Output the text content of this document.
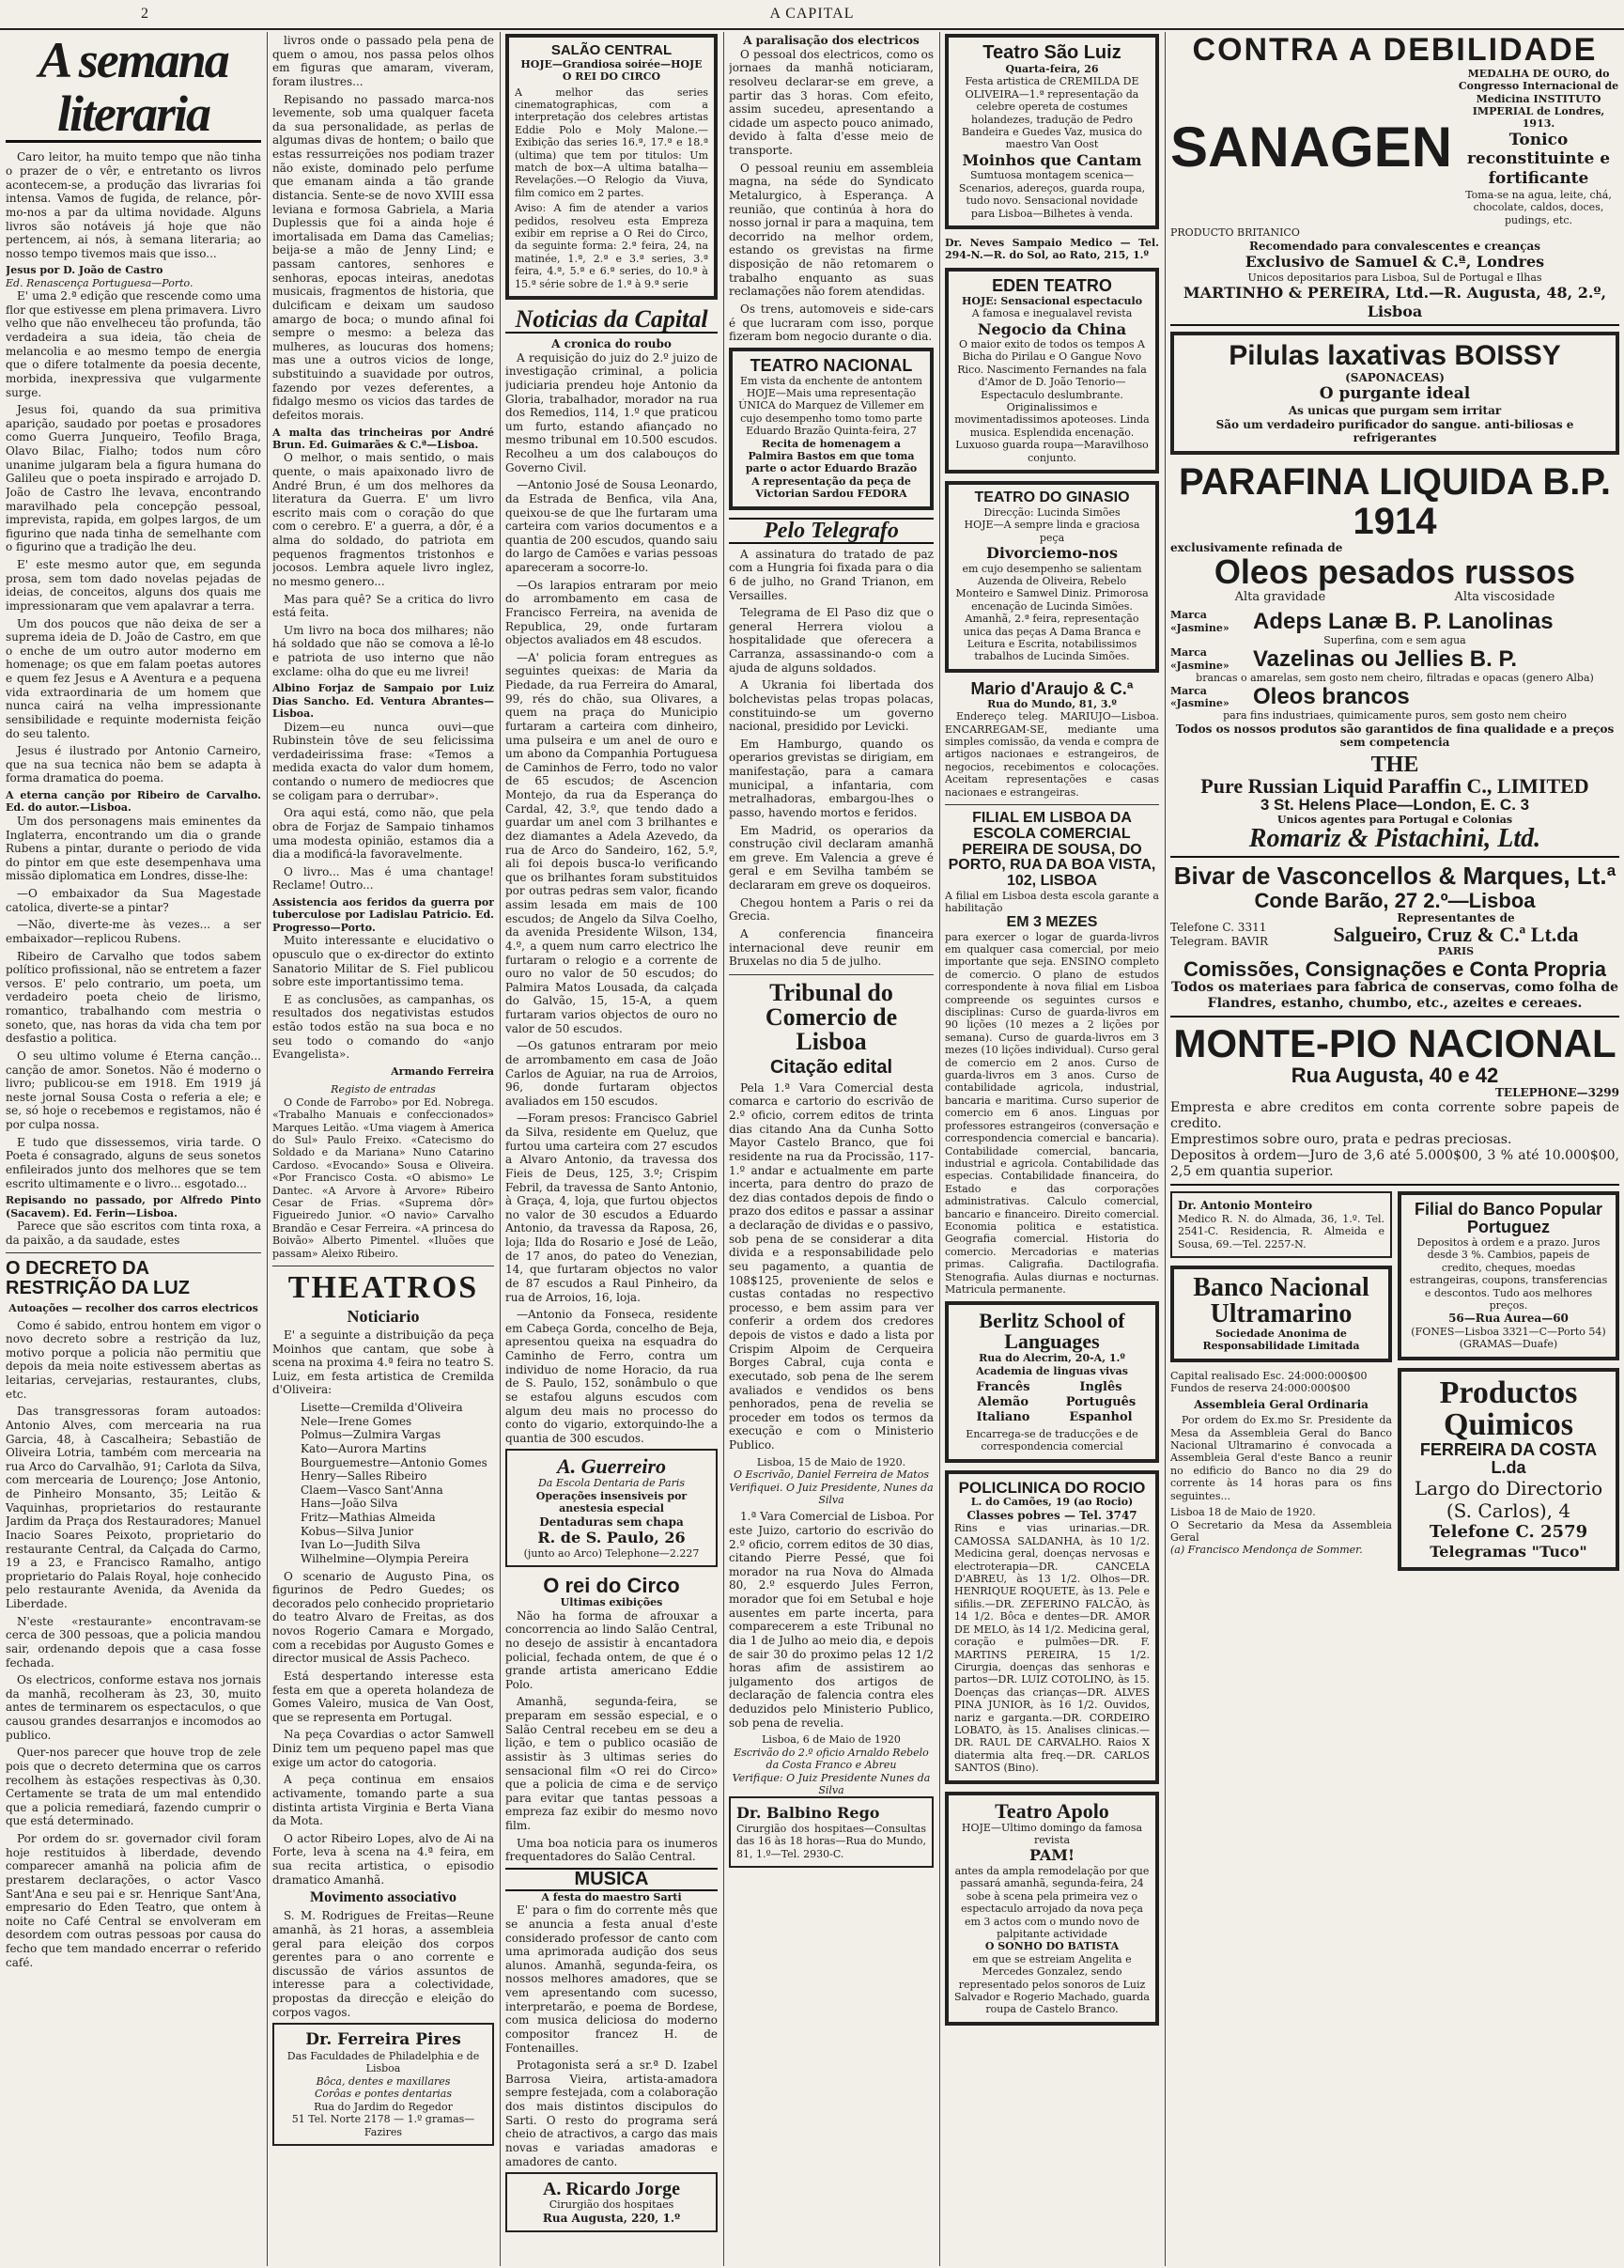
2	A CAPITAL
A semana literaria

Caro leitor, ha muito tempo que não tinha o prazer de o vêr, e entretanto os livros acontecem-se, a produção das livrarias foi intensa. Vamos de fugida, de relance, pôr-mo-nos a par da ultima novidade. Alguns livros são notáveis já hoje que não pertencem, ai nós, à semana literaria; ao nosso tempo tivemos mais que isso...

Jesus por D. João de Castro

Ed. Renascença Portuguesa—Porto.

E' uma 2.ª edição que rescende como uma flor que estivesse em plena primavera. Livro velho que não envelheceu tão profunda, tão verdadeira a sua ideia, tão cheia de melancolia e ao mesmo tempo de energia que o difere totalmente da poesia decente, morbida, inexpressiva que vulgarmente surge.

Jesus foi, quando da sua primitiva aparição, saudado por poetas e prosadores como Guerra Junqueiro, Teofilo Braga, Olavo Bilac, Fialho; todos num côro unanime julgaram bela a figura humana do Galileu que o poeta inspirado e arrojado D. João de Castro lhe levava, encontrando maravilhado pela concepção pessoal, imprevista, rapida, em golpes largos, de um figurino que nada tinha de semelhante com o figurino que a tradição lhe deu.

E' este mesmo autor que, em segunda prosa, sem tom dado novelas pejadas de ideias, de conceitos, alguns dos quais me impressionaram que vem apalavrar a terra.

Um dos poucos que não deixa de ser a suprema ideia de D. João de Castro, em que o enche de um outro autor moderno em homenage; os que em falam poetas autores e quem fez Jesus e A Aventura e a pequena vida extraordinaria de um homem que nunca cairá na velha impressionante sensibilidade e requinte modernista feição do seu talento.

Jesus é ilustrado por Antonio Carneiro, que na sua tecnica não bem se adapta à forma dramatica do poema.

A eterna canção por Ribeiro de Carvalho. Ed. do autor.—Lisboa.

Um dos personagens mais eminentes da Inglaterra, encontrando um dia o grande Rubens a pintar, durante o periodo de vida do pintor em que este desempenhava uma missão diplomatica em Londres, disse-lhe:

—O embaixador da Sua Magestade catolica, diverte-se a pintar?

—Não, diverte-me às vezes... a ser embaixador—replicou Rubens.

Ribeiro de Carvalho que todos sabem político profissional, não se entretem a fazer versos. E' pelo contrario, um poeta, um verdadeiro poeta cheio de lirismo, romantico, trabalhando com mestria o soneto, que, nas horas da vida cha tem por desfastio a politica.

O seu ultimo volume é Eterna canção... canção de amor. Sonetos. Não é moderno o livro; publicou-se em 1918. Em 1919 já neste jornal Sousa Costa o referia a ele; e se, só hoje o recebemos e registamos, não é por culpa nossa.

E tudo que dissessemos, viria tarde. O Poeta é consagrado, alguns de seus sonetos enfileirados junto dos melhores que se tem escrito ultimamente e o livro... esgotado...

Repisando no passado, por Alfredo Pinto (Sacavem). Ed. Ferin—Lisboa.

Parece que são escritos com tinta roxa, a da paixão, a da saudade, estes

O DECRETO DA RESTRIÇÃO DA LUZ

Autoações — recolher dos carros electricos

Como é sabido, entrou hontem em vigor o novo decreto sobre a restrição da luz, motivo porque a policia não permitiu que depois da meia noite estivessem abertas as leitarias, cervejarias, restaurantes, clubs, etc.

Das transgressoras foram autoados: Antonio Alves, com mercearia na rua Garcia, 48, à Cascalheira; Sebastião de Oliveira Lotria, também com mercearia na rua Arco do Carvalhão, 91; Carlota da Silva, com mercearia de Lourenço; Jose Antonio, de Pinheiro Monsanto, 35; Leitão & Vaquinhas, proprietarios do restaurante Jardim da Praça dos Restauradores; Manuel Inacio Soares Peixoto, proprietario do restaurante Central, da Calçada do Carmo, 19 a 23, e Francisco Ramalho, antigo proprietario do Palais Royal, hoje conhecido pelo restaurante Avenida, da Avenida da Liberdade.

N'este «restaurante» encontravam-se cerca de 300 pessoas, que a policia mandou sair, ordenando depois que a casa fosse fechada.

Os electricos, conforme estava nos jornais da manhã, recolheram às 23, 30, muito antes de terminarem os espectaculos, o que causou grandes desarranjos e incomodos ao publico.

Quer-nos parecer que houve trop de zele pois que o decreto determina que os carros recolhem às estações respectivas às 0,30. Certamente se trata de um mal entendido que a policia remediará, fazendo cumprir o que está determinado.

Por ordem do sr. governador civil foram hoje restituidos à liberdade, devendo comparecer amanhã na policia afim de prestarem declarações, o actor Vasco Sant'Ana e seu pai e sr. Henrique Sant'Ana, empresario do Eden Teatro, que ontem à noite no Café Central se envolveram em desordem com outras pessoas por causa do fecho que tem mandado encerrar o referido café.

livros onde o passado pela pena de quem o amou, nos passa pelos olhos em figuras que amaram, viveram, foram ilustres...

Repisando no passado marca-nos levemente, sob uma qualquer faceta da sua personalidade, as perlas de algumas divas de hontem; o bailo que estas ressurreições nos podiam trazer não existe, dominado pelo perfume que emanam ainda a tão grande distancia. Sente-se de novo XVIII essa leviana e formosa Gabriela, a Maria Duplessis que foi a ainda hoje é imortalisada em Dama das Camelias; beija-se a mão de Jenny Lind; e passam cantores, senhores e senhoras, epocas inteiras, anedotas musicais, fragmentos de historia, que dulcificam e deixam um saudoso amargo de boca; o mundo afinal foi sempre o mesmo: a beleza das mulheres, as loucuras dos homens; mas une a outros vicios de longe, substituindo a suavidade por outros, fazendo por vezes deferentes, a fidalgo mesmo os vicios das tardes de defeitos morais.

A malta das trincheiras por André Brun. Ed. Guimarães & C.ª—Lisboa.

O melhor, o mais sentido, o mais quente, o mais apaixonado livro de André Brun, é um dos melhores da literatura da Guerra. E' um livro escrito mais com o coração do que com o cerebro. E' a guerra, a dôr, é a alma do soldado, do patriota em pequenos fragmentos tristonhos e jocosos. Lembra aquele livro inglez, no mesmo genero...

Mas para quê? Se a critica do livro está feita.

Um livro na boca dos milhares; não há soldado que não se comova a lê-lo e patriota de uso interno que não exclame: olha do que eu me livrei!

Albino Forjaz de Sampaio por Luiz Dias Sancho. Ed. Ventura Abrantes—Lisboa.

Dizem—eu nunca ouvi—que Rubinstein tôve de seu felicissima verdadeirissima frase: «Temos a medida exacta do valor dum homem, contando o numero de mediocres que se coligam para o derrubar».

Ora aqui está, como não, que pela obra de Forjaz de Sampaio tinhamos uma modesta opinião, estamos dia a dia a modificá-la favoravelmente.

O livro... Mas é uma chantage! Reclame! Outro...

Assistencia aos feridos da guerra por tuberculose por Ladislau Patricio. Ed. Progresso—Porto.

Muito interessante e elucidativo o opusculo que o ex-director do extinto Sanatorio Militar de S. Fiel publicou sobre este importantissimo tema.

E as conclusões, as campanhas, os resultados dos negativistas estudos estão todos estão na sua boca e no seu todo o comando do «anjo Evangelista».

Armando Ferreira

Registo de entradas

O Conde de Farrobo» por Ed. Nobrega. «Trabalho Manuais e confeccionados» Marques Leitão. «Uma viagem à America do Sul» Paulo Freixo. «Catecismo do Soldado e da Mariana» Nuno Catarino Cardoso. «Evocando» Sousa e Oliveira. «Por Francisco Costa. «O abismo» Le Dantec. «A Arvore à Arvore» Ribeiro Cesar de Frias. «Suprema dôr» Figueiredo Junior. «O navio» Carvalho Brandão e Cesar Ferreira. «A princesa do Boivão» Alberto Pimentel. «Iluões que passam» Aleixo Ribeiro.

THEATROS
Noticiario

E' a seguinte a distribuição da peça Moinhos que cantam, que sobe à scena na proxima 4.ª feira no teatro S. Luiz, em festa artistica de Cremilda d'Oliveira:

Lisette—Cremilda d'Oliveira
Nele—Irene Gomes
Polmus—Zulmira Vargas
Kato—Aurora Martins
Bourguemestre—Antonio Gomes
Henry—Salles Ribeiro
Claem—Vasco Sant'Anna
Hans—João Silva
Fritz—Mathias Almeida
Kobus—Silva Junior
Ivan Lo—Judith Silva
Wilhelmine—Olympia Pereira

O scenario de Augusto Pina, os figurinos de Pedro Guedes; os decorados pelo conhecido proprietario do teatro Alvaro de Freitas, as dos novos Rogerio Camara e Morgado, com a recebidas por Augusto Gomes e director musical de Assis Pacheco.

Está despertando interesse esta festa em que a opereta holandeza de Gomes Valeiro, musica de Van Oost, que se representa em Portugal.

Na peça Covardias o actor Samwell Diniz tem um pequeno papel mas que exige um actor do catogoria.

A peça continua em ensaios activamente, tomando parte a sua distinta artista Virginia e Berta Viana da Mota.

O actor Ribeiro Lopes, alvo de Ai na Forte, leva à scena na 4.ª feira, em sua recita artistica, o episodio dramatico Amanhã.

Movimento associativo

S. M. Rodrigues de Freitas—Reune amanhã, às 21 horas, a assembleia geral para eleição dos corpos gerentes para o ano corrente e discussão de vários assuntos de interesse para a colectividade, propostas da direcção e eleição do corpos vagos.

Dr. Ferreira Pires
Das Faculdades de Philadelphia e de Lisboa
Bôca, dentes e maxillares
Corôas e pontes dentarias
Rua do Jardim do Regedor
51 Tel. Norte 2178 — 1.º gramas—Fazires
SALÃO CENTRAL
HOJE—Grandiosa soirée—HOJE O REI DO CIRCO

A melhor das series cinematographicas, com a interpretação dos celebres artistas Eddie Polo e Moly Malone.—Exibição das series 16.ª, 17.ª e 18.ª (ultima) que tem por titulos: Um match de box—A ultima batalha—Revelações.—O Relogio da Viuva, film comico em 2 partes.

Aviso: A fim de atender a varios pedidos, resolveu esta Empreza exibir em reprise a O Rei do Circo, da seguinte forma: 2.ª feira, 24, na matinée, 1.ª, 2.ª e 3.ª series, 3.ª feira, 4.ª, 5.ª e 6.ª series, do 10.ª à 15.ª série sobre de 1.ª à 9.ª serie

Noticias da Capital

A cronica do roubo

A requisição do juiz do 2.º juizo de investigação criminal, a policia judiciaria prendeu hoje Antonio da Gloria, trabalhador, morador na rua dos Remedios, 114, 1.º que praticou um furto, estando afiançado no mesmo tribunal em 10.500 escudos. Recolheu a um dos calabouços do Governo Civil.

—Antonio José de Sousa Leonardo, da Estrada de Benfica, vila Ana, queixou-se de que lhe furtaram uma carteira com varios documentos e a quantia de 200 escudos, quando saiu do largo de Camões e varias pessoas apareceram a socorre-lo.

—Os larapios entraram por meio do arrombamento em casa de Francisco Ferreira, na avenida de Republica, 29, onde furtaram objectos avaliados em 48 escudos.

—A' policia foram entregues as seguintes queixas: de Maria da Piedade, da rua Ferreira do Amaral, 99, rés do chão, sua Olivares, a quem na praça do Municipio furtaram a carteira com dinheiro, uma pulseira e um anel de ouro e um abono da Companhia Portuguesa de Caminhos de Ferro, todo no valor de 65 escudos; de Ascencion Montejo, da rua da Esperança do Cardal, 42, 3.º, que tendo dado a guardar um anel com 3 brilhantes e dez diamantes a Adela Azevedo, da rua de Arco do Sandeiro, 162, 5.º, ali foi depois busca-lo verificando que os brilhantes foram substituidos por outras pedras sem valor, ficando assim lesada em mais de 100 escudos; de Angelo da Silva Coelho, da avenida Presidente Wilson, 134, 4.º, a quem num carro electrico lhe furtaram o relogio e a corrente de ouro no valor de 50 escudos; do Palmira Matos Lousada, da calçada do Galvão, 15, 15-A, a quem furtaram varios objectos de ouro no valor de 50 escudos.

—Os gatunos entraram por meio de arrombamento em casa de João Carlos de Aguiar, na rua de Arroios, 96, donde furtaram objectos avaliados em 150 escudos.

—Foram presos: Francisco Gabriel da Silva, residente em Queluz, que furtou uma carteira com 27 escudos a Alvaro Antonio, da travessa dos Fieis de Deus, 125, 3.º; Crispim Febril, da travessa de Santo Antonio, à Graça, 4, loja, que furtou objectos no valor de 30 escudos a Eduardo Antonio, da travessa da Raposa, 26, loja; Ilda do Rosario e José de Leão, de 17 anos, do pateo do Venezian, 14, que furtaram objectos no valor de 87 escudos a Raul Pinheiro, da rua de Arroios, 16, loja.

—Antonio da Fonseca, residente em Cabeça Gorda, concelho de Beja, apresentou queixa na esquadra do Caminho de Ferro, contra um individuo de nome Horacio, da rua de S. Paulo, 152, sonâmbulo o que se estafou alguns escudos com algum deu mais no processo do conto do vigario, extorquindo-lhe a quantia de 300 escudos.

A. Guerreiro
Da Escola Dentaria de Paris
Operações insensiveis por anestesia especial
Dentaduras sem chapa
R. de S. Paulo, 26
(junto ao Arco) Telephone—2.227
O rei do Circo

Ultimas exibições

Não ha forma de afrouxar a concorrencia ao lindo Salão Central, no desejo de assistir à encantadora policial, fechada ontem, de que é o grande artista americano Eddie Polo.

Amanhã, segunda-feira, se preparam em sessão especial, e o Salão Central recebeu em se deu a lição, e tem o publico ocasião de assistir às 3 ultimas series do sensacional film «O rei do Circo» que a policia de cima e de serviço para evitar que tantas pessoas a empreza faz exibir do mesmo novo film.

Uma boa noticia para os inumeros frequentadores do Salão Central.

MUSICA

A festa do maestro Sarti

E' para o fim do corrente mês que se anuncia a festa anual d'este considerado professor de canto com uma aprimorada audição dos seus alunos. Amanhã, segunda-feira, os nossos melhores amadores, que se vem apresentando com sucesso, interpretarão, e poema de Bordese, com musica deliciosa do moderno compositor francez H. de Fontenailles.

Protagonista será a sr.ª D. Izabel Barrosa Vieira, artista-amadora sempre festejada, com a colaboração dos mais distintos discipulos do Sarti. O resto do programa será cheio de atractivos, a cargo das mais novas e variadas amadoras e amadores de canto.

A. Ricardo Jorge
Cirurgião dos hospitaes
Rua Augusta, 220, 1.º

A paralisação dos electricos

O pessoal dos electricos, como os jornaes da manhã noticiaram, resolveu declarar-se em greve, a partir das 3 horas. Com efeito, assim sucedeu, apresentando a cidade um aspecto pouco animado, devido à falta d'esse meio de transporte.

O pessoal reuniu em assembleia magna, na séde do Syndicato Metalurgico, à Esperança. A reunião, que continúa à hora do nosso jornal ir para a maquina, tem decorrido na melhor ordem, estando os grevistas na firme disposição de não retomarem o trabalho enquanto as suas reclamações não forem atendidas.

Os trens, automoveis e side-cars é que lucraram com isso, porque fizeram bom negocio durante o dia.

TEATRO NACIONAL

Em vista da enchente de antontem HOJE—Mais uma representação ÚNICA do Marquez de Villemer em cujo desempenho tomo tomo parte Eduardo Brazão Quinta-feira, 27

Recita de homenagem a Palmira Bastos em que toma parte o actor Eduardo Brazão

A representação da peça de Victorian Sardou FEDORA

Pelo Telegrafo

A assinatura do tratado de paz com a Hungria foi fixada para o dia 6 de julho, no Grand Trianon, em Versailles.

Telegrama de El Paso diz que o general Herrera violou a hospitalidade que oferecera a Carranza, assassinando-o com a ajuda de alguns soldados.

A Ukrania foi libertada dos bolchevistas pelas tropas polacas, constituindo-se um governo nacional, presidido por Levicki.

Em Hamburgo, quando os operarios grevistas se dirigiam, em manifestação, para a camara municipal, a infantaria, com metralhadoras, embargou-lhes o passo, havendo mortos e feridos.

Em Madrid, os operarios da construção civil declaram amanhã em greve. Em Valencia a greve é geral e em Sevilha também se declararam em greve os doqueiros.

Chegou hontem a Paris o rei da Grecia.

A conferencia financeira internacional deve reunir em Bruxelas no dia 5 de julho.

Tribunal do Comercio de Lisboa
Citação edital

Pela 1.ª Vara Comercial desta comarca e cartorio do escrivão de 2.º oficio, correm editos de trinta dias citando Ana da Cunha Sotto Mayor Castelo Branco, que foi residente na rua da Procissão, 117-1.º andar e actualmente em parte incerta, para dentro do prazo de dez dias contados depois de findo o prazo dos editos e passar a assinar a declaração de dividas e o passivo, sob pena de se considerar a dita divida e a responsabilidade pelo seu pagamento, a quantia de 108$125, proveniente de selos e custas contadas no respectivo processo, e bem assim para ver conferir a ordem dos credores depois de vistos e dado a lista por Crispim Alpoim de Cerqueira Borges Cabral, cuja conta e executado, sob pena de lhe serem avaliados e vendidos os bens penhorados, pena de revelia se proceder em todos os termos da execução e com o Ministerio Publico.

Lisboa, 15 de Maio de 1920.

O Escrivão, Daniel Ferreira de Matos

Verifiquei. O Juiz Presidente, Nunes da Silva

1.ª Vara Comercial de Lisboa. Por este Juizo, cartorio do escrivão do 2.º oficio, correm editos de 30 dias, citando Pierre Pessé, que foi morador na rua Nova do Almada 80, 2.º esquerdo Jules Ferron, morador que foi em Setubal e hoje ausentes em parte incerta, para comparecerem a este Tribunal no dia 1 de Julho ao meio dia, e depois de sair 30 do proximo pelas 12 1/2 horas afim de assistirem ao julgamento dos artigos de declaração de falencia contra eles deduzidos pelo Ministerio Publico, sob pena de revelia.

Lisboa, 6 de Maio de 1920

Escrivão do 2.º oficio Arnaldo Rebelo da Costa Franco e Abreu

Verifique: O Juiz Presidente Nunes da Silva

Dr. Balbino Rego
Cirurgião dos hospitaes—Consultas das 16 às 18 horas—Rua do Mundo, 81, 1.º—Tel. 2930-C.
Teatro São Luiz
Quarta-feira, 26

Festa artistica de CREMILDA DE OLIVEIRA—1.ª representação da celebre opereta de costumes holandezes, tradução de Pedro Bandeira e Guedes Vaz, musica do maestro Van Oost

Moinhos que Cantam

Sumtuosa montagem scenica—Scenarios, adereços, guarda roupa, tudo novo. Sensacional novidade para Lisboa—Bilhetes à venda.

Dr. Neves Sampaio Medico — Tel. 294-N.—R. do Sol, ao Rato, 215, 1.º

EDEN TEATRO
HOJE: Sensacional espectaculo
A famosa e inegualavel revista
Negocio da China

O maior exito de todos os tempos A Bicha do Pirilau e O Gangue Novo Rico. Nascimento Fernandes na fala d'Amor de D. João Tenorio—Espectaculo deslumbrante. Originalissimos e movimentadissimos apoteoses. Linda musica. Esplendida encenação. Luxuoso guarda roupa—Maravilhoso conjunto.

TEATRO DO GINASIO
Direcção: Lucinda Simões
HOJE—A sempre linda e graciosa peça
Divorciemo-nos

em cujo desempenho se salientam Auzenda de Oliveira, Rebelo Monteiro e Samwel Diniz. Primorosa encenação de Lucinda Simões. Amanhã, 2.ª feira, representação unica das peças A Dama Branca e Leitura e Escrita, notabilissimos trabalhos de Lucinda Simões.

Mario d'Araujo & C.ª
Rua do Mundo, 81, 3.º

Endereço teleg. MARIUJO—Lisboa. ENCARREGAM-SE, mediante uma simples comissão, da venda e compra de artigos nacionaes e estrangeiros, de negocios, recebimentos e colocações. Aceitam representações e casas nacionaes e estrangeiras.

FILIAL EM LISBOA DA ESCOLA COMERCIAL PEREIRA DE SOUSA, DO PORTO, RUA DA BOA VISTA, 102, LISBOA

A filial em Lisboa desta escola garante a habilitação

EM 3 MEZES

para exercer o logar de guarda-livros em qualquer casa comercial, por meio importante que seja. ENSINO completo de comercio. O plano de estudos correspondente à nova filial em Lisboa compreende os seguintes cursos e disciplinas: Curso de guarda-livros em 90 lições (10 mezes a 2 lições por semana). Curso de guarda-livros em 3 mezes (10 lições individual). Curso geral de comercio em 2 anos. Curso de guarda-livros em 3 anos. Curso de contabilidade agricola, industrial, bancaria e maritima. Curso superior de comercio em 6 anos. Linguas por professores estrangeiros (conversação e correspondencia comercial e bancaria). Contabilidade comercial, bancaria, industrial e agricola. Contabilidade das especias. Contabilidade financeira, do Estado e das corporações administrativas. Calculo comercial, bancario e financeiro. Direito comercial. Economia politica e estatistica. Geografia comercial. Historia do comercio. Mercadorias e materias primas. Caligrafia. Dactilografia. Stenografia. Aulas diurnas e nocturnas. Matricula permanente.

Berlitz School of Languages
Rua do Alecrim, 20-A, 1.º
Academia de linguas vivas
Francês	Inglês
Alemão	Português
Italiano	Espanhol
Encarrega-se de traducções e de correspondencia comercial
POLICLINICA DO ROCIO
L. do Camões, 19 (ao Rocio)
Classes pobres — Tel. 3747

Rins e vias urinarias.—DR. CAMOSSA SALDANHA, às 10 1/2. Medicina geral, doenças nervosas e electroterapia—DR. CANCELA D'ABREU, às 13 1/2. Olhos—DR. HENRIQUE ROQUETE, às 13. Pele e sifilis.—DR. ZEFERINO FALCÃO, às 14 1/2. Bôca e dentes—DR. AMOR DE MELO, às 14 1/2. Medicina geral, coração e pulmões—DR. F. MARTINS PEREIRA, 15 1/2. Cirurgia, doenças das senhoras e partos—DR. LUIZ COTOLINO, às 15. Doenças das crianças—DR. ALVES PINA JUNIOR, às 16 1/2. Ouvidos, nariz e garganta.—DR. CORDEIRO LOBATO, às 15. Analises clinicas.—DR. RAUL DE CARVALHO. Raios X diatermia alta freq.—DR. CARLOS SANTOS (Bino).

Teatro Apolo
HOJE—Ultimo domingo da famosa revista
PAM!

antes da ampla remodelação por que passará amanhã, segunda-feira, 24 sobe à scena pela primeira vez o espectaculo arrojado da nova peça em 3 actos com o mundo novo de palpitante actividade

O SONHO DO BATISTA

em que se estreiam Angelita e Mercedes Gonzalez, sendo representado pelos sonoros de Luiz Salvador e Rogerio Machado, guarda roupa de Castelo Branco.

CONTRA A DEBILIDADE
SANAGEN

MEDALHA DE OURO, do Congresso Internacional de Medicina INSTITUTO IMPERIAL de Londres, 1913.

Tonico reconstituinte e fortificante

Toma-se na agua, leite, chá, chocolate, caldos, doces, pudings, etc.

PRODUCTO BRITANICO

Recomendado para convalescentes e creanças

Exclusivo de Samuel & C.ª, Londres

Unicos depositarios para Lisboa, Sul de Portugal e Ilhas

MARTINHO & PEREIRA, Ltd.—R. Augusta, 48, 2.º, Lisboa

Pilulas laxativas BOISSY
(SAPONACEAS)
O purgante ideal
As unicas que purgam sem irritar
São um verdadeiro purificador do sangue. anti-biliosas e refrigerantes
PARAFINA LIQUIDA B.P. 1914

exclusivamente refinada de

Oleos pesados russos
Alta gravidade	Alta viscosidade
Marca «Jasmine»	Adeps Lanæ B. P. Lanolinas

Superfina, com e sem agua

Marca «Jasmine»	Vazelinas ou Jellies B. P.

brancas o amarelas, sem gosto nem cheiro, filtradas e opacas (genero Alba)

Marca «Jasmine»	Oleos brancos

para fins industriaes, quimicamente puros, sem gosto nem cheiro

Todos os nossos produtos são garantidos de fina qualidade e a preços sem competencia

THE
Pure Russian Liquid Paraffin C., LIMITED
3 St. Helens Place—London, E. C. 3
Unicos agentes para Portugal e Colonias
Romariz & Pistachini, Ltd.
Bivar de Vasconcellos & Marques, Lt.ª
Conde Barão, 27 2.º—Lisboa
Telefone C. 3311
Telegram. BAVIR
Representantes de
Salgueiro, Cruz & C.ª Lt.da
PARIS
Comissões, Consignações e Conta Propria

Todos os materiaes para fabrica de conservas, como folha de Flandres, estanho, chumbo, etc., azeites e cereaes.

MONTE-PIO NACIONAL
Rua Augusta, 40 e 42
TELEPHONE—3299

Empresta e abre creditos em conta corrente sobre papeis de credito.

Emprestimos sobre ouro, prata e pedras preciosas.

Depositos à ordem—Juro de 3,6 até 5.000$00, 3 % até 10.000$00, 2,5 em quantia superior.

Dr. Antonio Monteiro
Medico R. N. do Almada, 36, 1.º. Tel. 2541-C. Residencia, R. Almeida e Sousa, 69.—Tel. 2257-N.
Banco Nacional Ultramarino
Sociedade Anonima de Responsabilidade Limitada
Capital realisado Esc. 24:000:000$00
Fundos de reserva 24:000:000$00
Assembleia Geral Ordinaria

Por ordem do Ex.mo Sr. Presidente da Mesa da Assembleia Geral do Banco Nacional Ultramarino é convocada a Assembleia Geral d'este Banco a reunir no edificio do Banco no dia 29 do corrente às 14 horas para os fins seguintes...

Lisboa 18 de Maio de 1920.

O Secretario da Mesa da Assembleia Geral

(a) Francisco Mendonça de Sommer.

Filial do Banco Popular Portuguez

Depositos à ordem e a prazo. Juros desde 3 %. Cambios, papeis de credito, cheques, moedas estrangeiras, coupons, transferencias e descontos. Tudo aos melhores preços.

56—Rua Aurea—60
(FONES—Lisboa 3321—C—Porto 54) (GRAMAS—Duafe)
Productos Quimicos
FERREIRA DA COSTA L.da
Largo do Directorio (S. Carlos), 4
Telefone C. 2579
Telegramas "Tuco"
